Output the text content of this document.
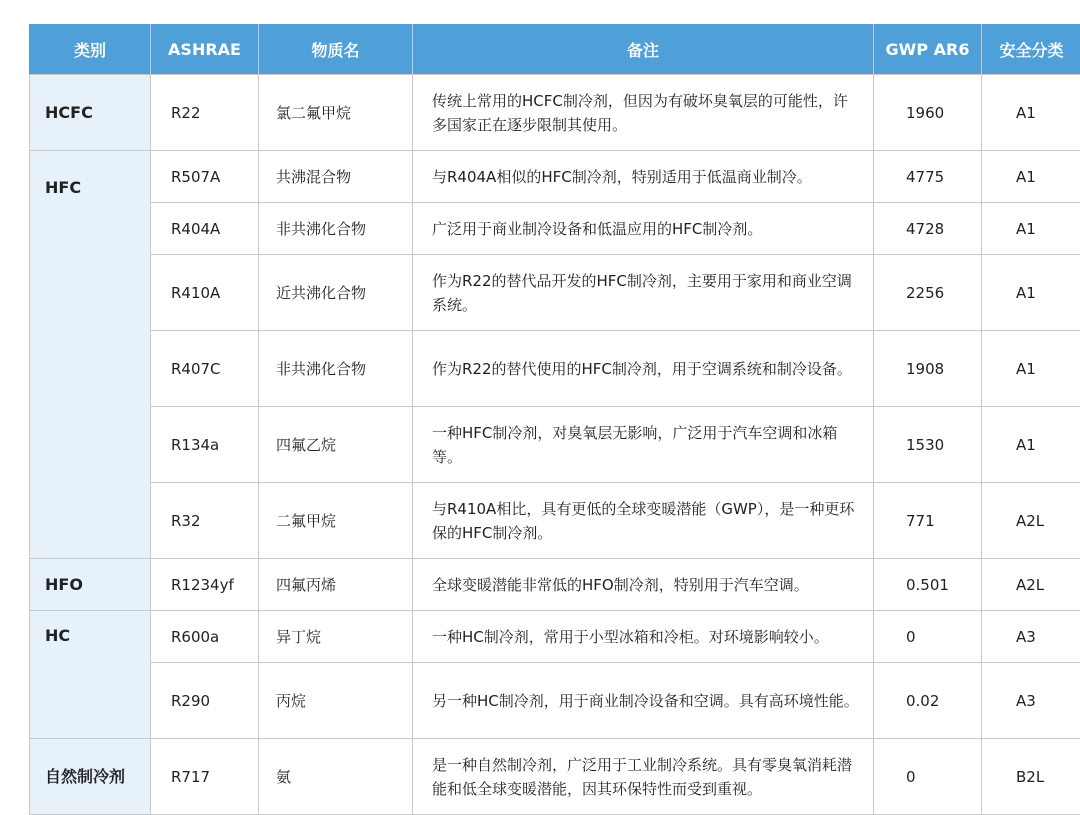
类别	ASHRAE	物质名	备注	GWP AR6	安全分类

HCFC	R22	氯二氟甲烷	传统上常用的HCFC制冷剂，但因为有破坏臭氧层的可能性，许多国家正在逐步限制其使用。	1960	A1

HFC	R507A	共沸混合物	与R404A相似的HFC制冷剂，特别适用于低温商业制冷。	4775	A1
	R404A	非共沸化合物	广泛用于商业制冷设备和低温应用的HFC制冷剂。	4728	A1
	R410A	近共沸化合物	作为R22的替代品开发的HFC制冷剂，主要用于家用和商业空调系统。	2256	A1
	R407C	非共沸化合物	作为R22的替代使用的HFC制冷剂，用于空调系统和制冷设备。	1908	A1
	R134a	四氟乙烷	一种HFC制冷剂，对臭氧层无影响，广泛用于汽车空调和冰箱等。	1530	A1
	R32	二氟甲烷	与R410A相比，具有更低的全球变暖潜能（GWP），是一种更环保的HFC制冷剂。	771	A2L

HFO	R1234yf	四氟丙烯	全球变暖潜能非常低的HFO制冷剂，特别用于汽车空调。	0.501	A2L

HC	R600a	异丁烷	一种HC制冷剂，常用于小型冰箱和冷柜。对环境影响较小。	0	A3
	R290	丙烷	另一种HC制冷剂，用于商业制冷设备和空调。具有高环境性能。	0.02	A3

自然制冷剂	R717	氨	是一种自然制冷剂，广泛用于工业制冷系统。具有零臭氧消耗潜能和低全球变暖潜能，因其环保特性而受到重视。	0	B2L
